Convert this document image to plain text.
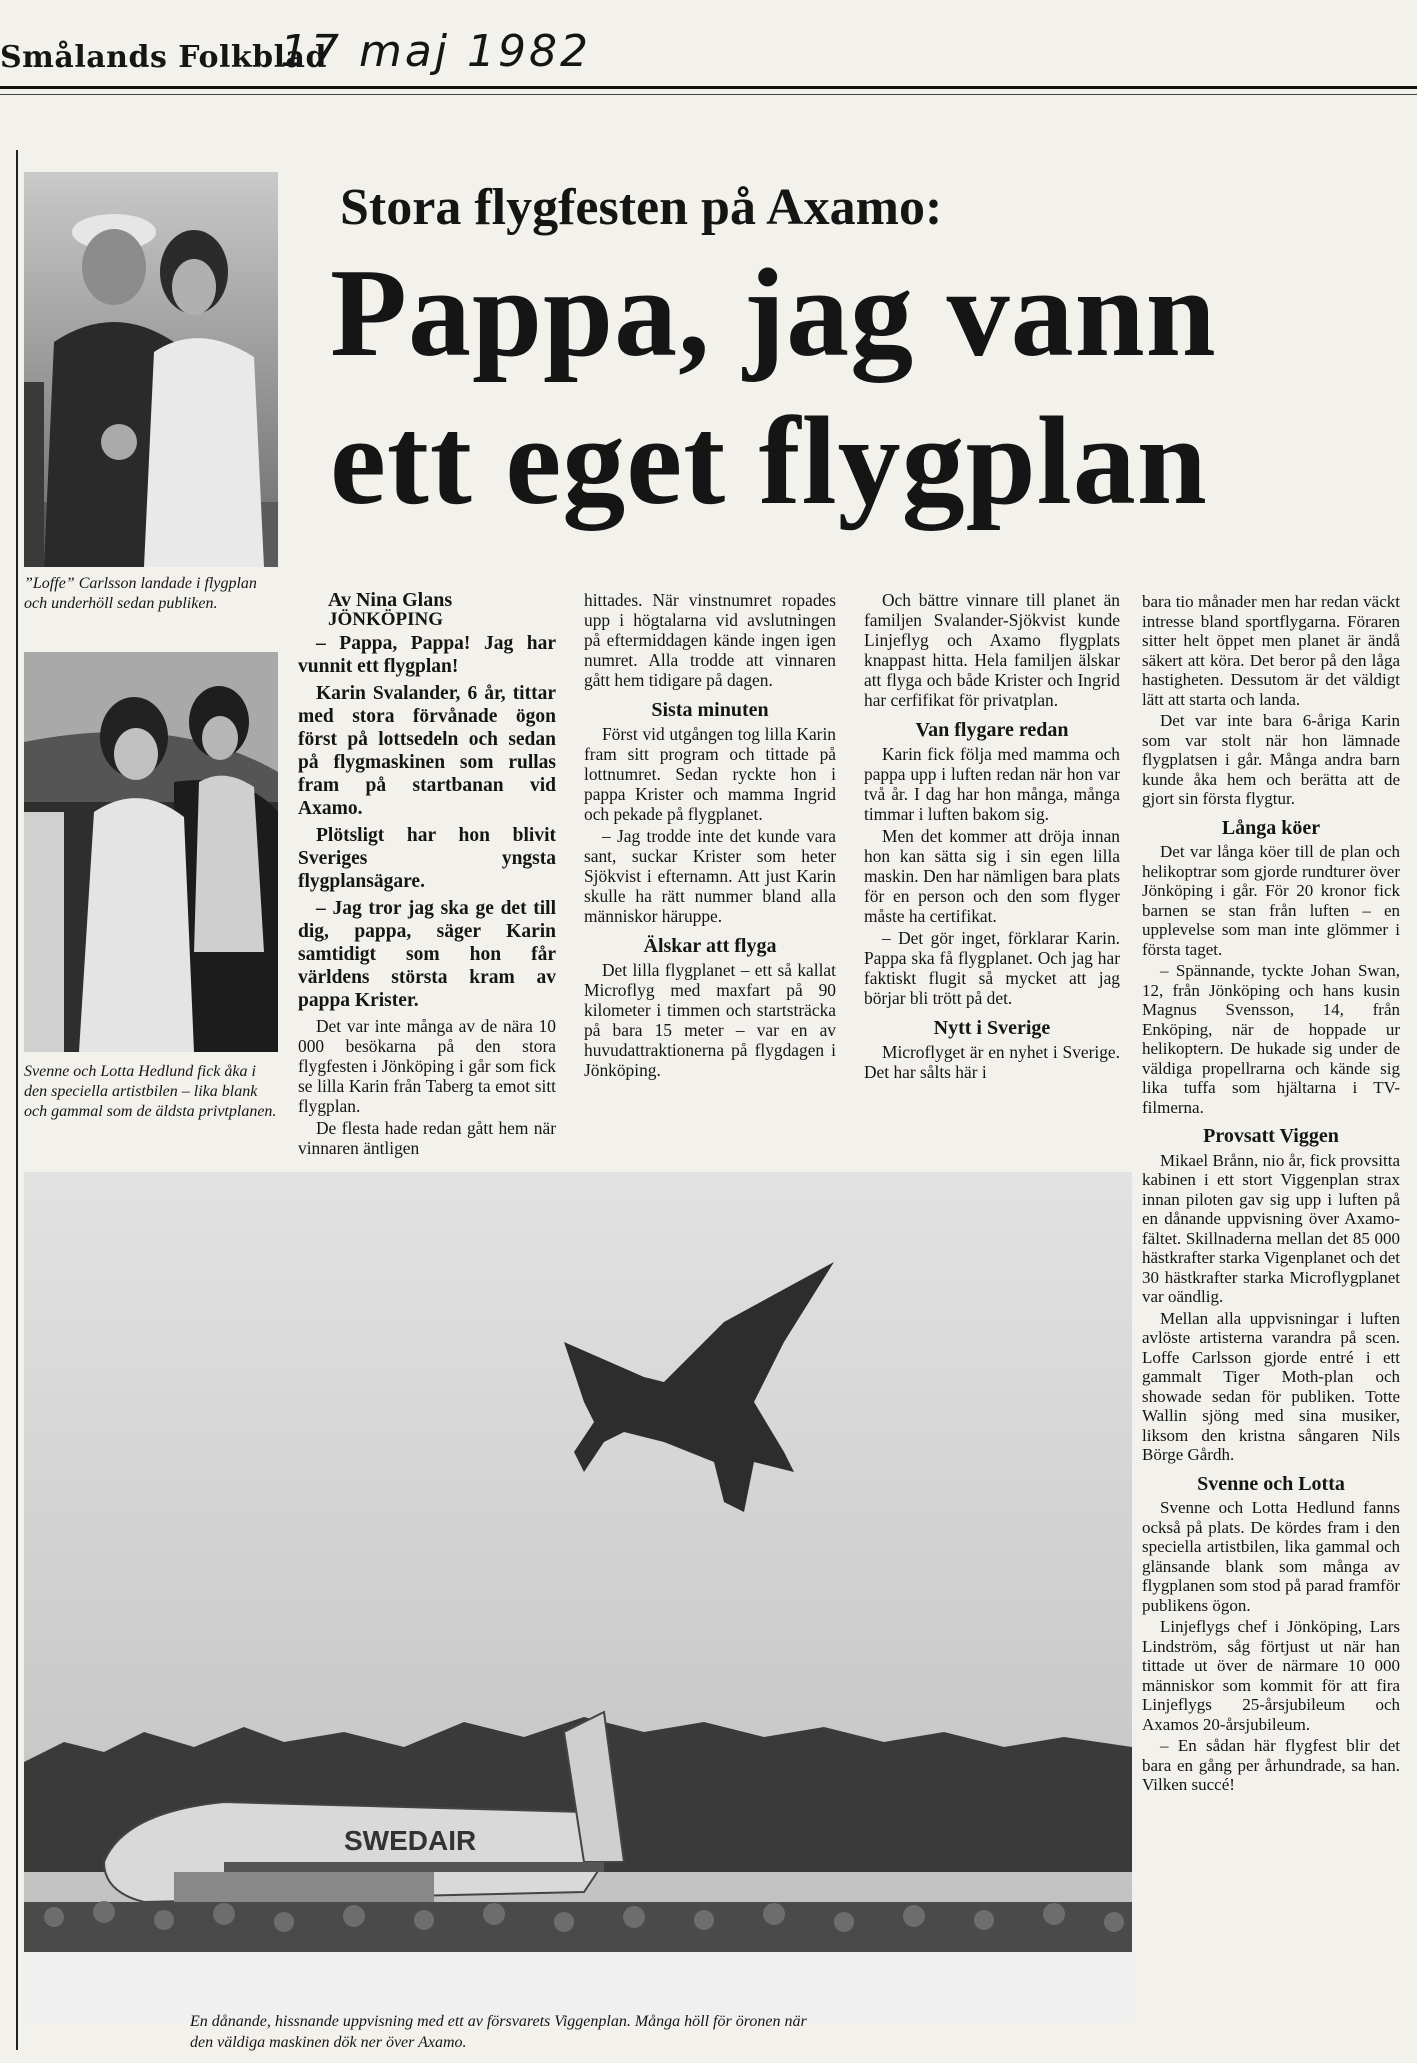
Smålands Folkblad
17 maj 1982
”Loffe” Carlsson landade i flygplan och underhöll sedan publiken.
Svenne och Lotta Hedlund fick åka i den speciella artistbilen – lika blank och gammal som de äldsta privtplanen.
Stora flygfesten på Axamo:
Pappa, jag vann
ett eget flygplan

Av Nina Glans

JÖNKÖPING

– Pappa, Pappa! Jag har vunnit ett flygplan!

Karin Svalander, 6 år, tittar med stora förvånade ögon först på lottsedeln och sedan på flygmaskinen som rullas fram på startbanan vid Axamo.

Plötsligt har hon blivit Sveriges yngsta flygplansägare.

– Jag tror jag ska ge det till dig, pappa, säger Karin samtidigt som hon får världens största kram av pappa Krister.

Det var inte många av de nära 10 000 besökarna på den stora flygfesten i Jönköping i går som fick se lilla Karin från Taberg ta emot sitt flygplan.

De flesta hade redan gått hem när vinnaren äntligen

hittades. När vinstnumret ropades upp i högtalarna vid avslutningen på eftermiddagen kände ingen igen numret. Alla trodde att vinnaren gått hem tidigare på dagen.

Sista minuten

Först vid utgången tog lilla Karin fram sitt program och tittade på lottnumret. Sedan ryckte hon i pappa Krister och mamma Ingrid och pekade på flygplanet.

– Jag trodde inte det kunde vara sant, suckar Krister som heter Sjökvist i efternamn. Att just Karin skulle ha rätt nummer bland alla människor häruppe.

Älskar att flyga

Det lilla flygplanet – ett så kallat Microflyg med maxfart på 90 kilometer i timmen och startsträcka på bara 15 meter – var en av huvudattraktionerna på flygdagen i Jönköping.

Och bättre vinnare till planet än familjen Svalander-Sjökvist kunde Linjeflyg och Axamo flygplats knappast hitta. Hela familjen älskar att flyga och både Krister och Ingrid har cerfifikat för privatplan.

Van flygare redan

Karin fick följa med mamma och pappa upp i luften redan när hon var två år. I dag har hon många, många timmar i luften bakom sig.

Men det kommer att dröja innan hon kan sätta sig i sin egen lilla maskin. Den har nämligen bara plats för en person och den som flyger måste ha certifikat.

– Det gör inget, förklarar Karin. Pappa ska få flygplanet. Och jag har faktiskt flugit så mycket att jag börjar bli trött på det.

Nytt i Sverige

Microflyget är en nyhet i Sverige. Det har sålts här i

bara tio månader men har redan väckt intresse bland sportflygarna. Föraren sitter helt öppet men planet är ändå säkert att köra. Det beror på den låga hastigheten. Dessutom är det väldigt lätt att starta och landa.

Det var inte bara 6-åriga Karin som var stolt när hon lämnade flygplatsen i går. Många andra barn kunde åka hem och berätta att de gjort sin första flygtur.

Långa köer

Det var långa köer till de plan och helikoptrar som gjorde rundturer över Jönköping i går. För 20 kronor fick barnen se stan från luften – en upplevelse som man inte glömmer i första taget.

– Spännande, tyckte Johan Swan, 12, från Jönköping och hans kusin Magnus Svensson, 14, från Enköping, när de hoppade ur helikoptern. De hukade sig under de väldiga propellrarna och kände sig lika tuffa som hjältarna i TV-filmerna.

Provsatt Viggen

Mikael Brånn, nio år, fick provsitta kabinen i ett stort Viggenplan strax innan piloten gav sig upp i luften på en dånande uppvisning över Axamo-fältet. Skillnaderna mellan det 85 000 hästkrafter starka Vigenplanet och det 30 hästkrafter starka Microflygplanet var oändlig.

Mellan alla uppvisningar i luften avlöste artisterna varandra på scen. Loffe Carlsson gjorde entré i ett gammalt Tiger Moth-plan och showade sedan för publiken. Totte Wallin sjöng med sina musiker, liksom den kristna sångaren Nils Börge Gårdh.

Svenne och Lotta

Svenne och Lotta Hedlund fanns också på plats. De kördes fram i den speciella artistbilen, lika gammal och glänsande blank som många av flygplanen som stod på parad framför publikens ögon.

Linjeflygs chef i Jönköping, Lars Lindström, såg förtjust ut när han tittade ut över de närmare 10 000 människor som kommit för att fira Linjeflygs 25-årsjubileum och Axamos 20-årsjubileum.

– En sådan här flygfest blir det bara en gång per århundrade, sa han. Vilken succé!

SWEDAIR
En dånande, hissnande uppvisning med ett av försvarets Viggenplan. Många höll för öronen när
den väldiga maskinen dök ner över Axamo.
